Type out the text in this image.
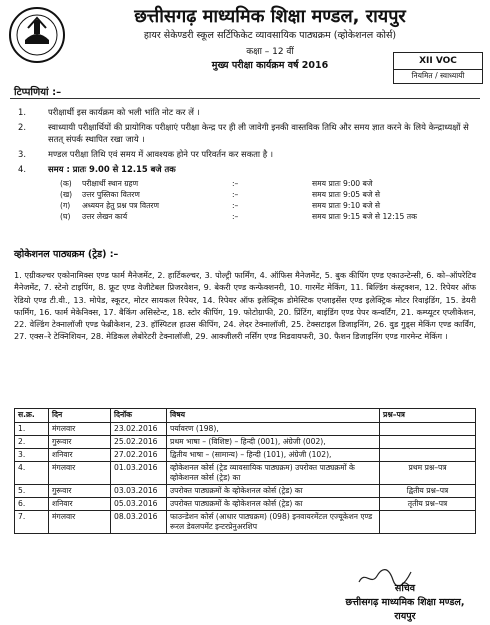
छत्तीसगढ़ माध्यमिक शिक्षा मण्डल, रायपुर
हायर सेकेण्डरी स्कूल सर्टिफिकेट व्यावसायिक पाठ्यक्रम (व्होकेशनल कोर्स)
कक्षा – 12 वीं
मुख्य परीक्षा कार्यक्रम वर्ष 2016	XII VOC
नियमित / स्वाध्यायी
टिप्पणियां :–
1.	परीक्षार्थी इस कार्यक्रम को भली भांति नोट कर लें ।
2.	स्वाध्यायी परीक्षार्थियों की प्रायोगिक परीक्षाएं परीक्षा केन्द्र पर ही ली जावेगी इनकी वास्तविक तिथि और समय ज्ञात करने के लिये केन्द्राध्यक्षों से सतत् संपर्क स्थापित रखा जाये ।
3.	मण्डल परीक्षा तिथि एवं समय में आवश्यक होने पर परिवर्तन कर सकता है ।
4.	समय : प्रातः 9.00 से 12.15 बजे तक
(क)	परीक्षार्थी स्थान ग्रहण	:–	समय प्रातः 9:00 बजे
(ख)	उत्तर पुस्तिका वितरण	:–	समय प्रातः 9:05 बजे से
(ग)	अध्ययन हेतु प्रश्न पत्र वितरण	:–	समय प्रातः 9:10 बजे से
(घ)	उत्तर लेखन कार्य	:–	समय प्रातः 9:15 बजे से 12:15 तक
व्होकेशनल पाठ्यक्रम (ट्रेड) :–
1. एग्रीकल्चर एकोनामिक्स एण्ड फार्म मैनेजमेंट, 2. हार्टिकल्चर, 3. पोल्ट्री फार्मिंग, 4. ऑफिस मैनेजमेंट, 5. बुक कीपिंग एण्ड एकाउन्टेन्सी, 6. को–ऑपरेटिव मैनेजमेंट, 7. स्टेनो टाइपिंग, 8. फ्रूट एण्ड वेजीटेबल प्रिजरवेशन, 9. बेकरी एण्ड कन्फेक्शनरी, 10. गारमेंट मेकिंग, 11. बिल्डिंग कंस्ट्रक्शन, 12. रिपेयर ऑफ रेडियो एण्ड टी.वी., 13. मोपेड, स्कूटर, मोटर सायकल रिपेयर, 14. रिपेयर ऑफ इलेक्ट्रिक डोमेस्टिक एप्लाइसेंस एण्ड इलेक्ट्रिक मोटर रिवाइंडिंग, 15. डेयरी फार्मिंग, 16. फार्म मेकेनिक्स, 17. बैकिंग असिस्टेन्ट, 18. स्टोर कीपिंग, 19. फोटोग्राफी, 20. प्रिंटिंग, बाइंडिंग एण्ड पेपर कन्वर्टिंग, 21. कम्प्यूटर एप्लीकेशन, 22. वेल्डिंग टेक्नालॉजी एण्ड फेब्रीकेशन, 23. हॉस्पिटल हाउस कीपिंग, 24. लेदर टेक्नालॉजी, 25. टेक्सटाइल डिजाइनिंग, 26. वुड गुड्स मेकिंग एण्ड कार्विंग, 27. एक्स–रे टेक्निशियन, 28. मेडिकल लेबोरेटरी टेक्नालॉजी, 29. आक्जीलरी नर्सिंग एण्ड मिडवायफरी, 30. फैशन डिजाइनिंग एण्ड गारमेन्ट मेकिंग ।
स.क्र.	दिन	दिनॉक	विषय	प्रश्न–पत्र
1.	मंगलवार	23.02.2016	पर्यावरण (198),	
2.	गुरूवार	25.02.2016	प्रथम भाषा – (विशिष्ट) – हिन्दी (001), अंग्रेजी (002),	
3.	शनिवार	27.02.2016	द्वितीय भाषा – (सामान्य) – हिन्दी (101), अंग्रेजी (102),	
4.	मंगलवार	01.03.2016	व्होकेशनल कोर्स (ट्रेड व्यावसायिक पाठ्यक्रम) उपरोक्त पाठ्यक्रमों के व्होकेशनल कोर्स (ट्रेड) का	प्रथम प्रश्न–पत्र
5.	गुरूवार	03.03.2016	उपरोक्त पाठ्यक्रमों के व्होकेशनल कोर्स (ट्रेड) का	द्वितीय प्रश्न–पत्र
6.	शनिवार	05.03.2016	उपरोक्त पाठ्यक्रमों के व्होकेशनल कोर्स (ट्रेड) का	तृतीय प्रश्न–पत्र
7.	मंगलवार	08.03.2016	फाउन्डेशन कोर्स (आधार पाठ्यक्रम) (098) इनवायरमेंटल एज्यूकेशन एण्ड रूरल डेवलपमेंट इन्टरप्रेनुअरशिप	
सचिव
छत्तीसगढ़ माध्यमिक शिक्षा मण्डल,
रायपुर
